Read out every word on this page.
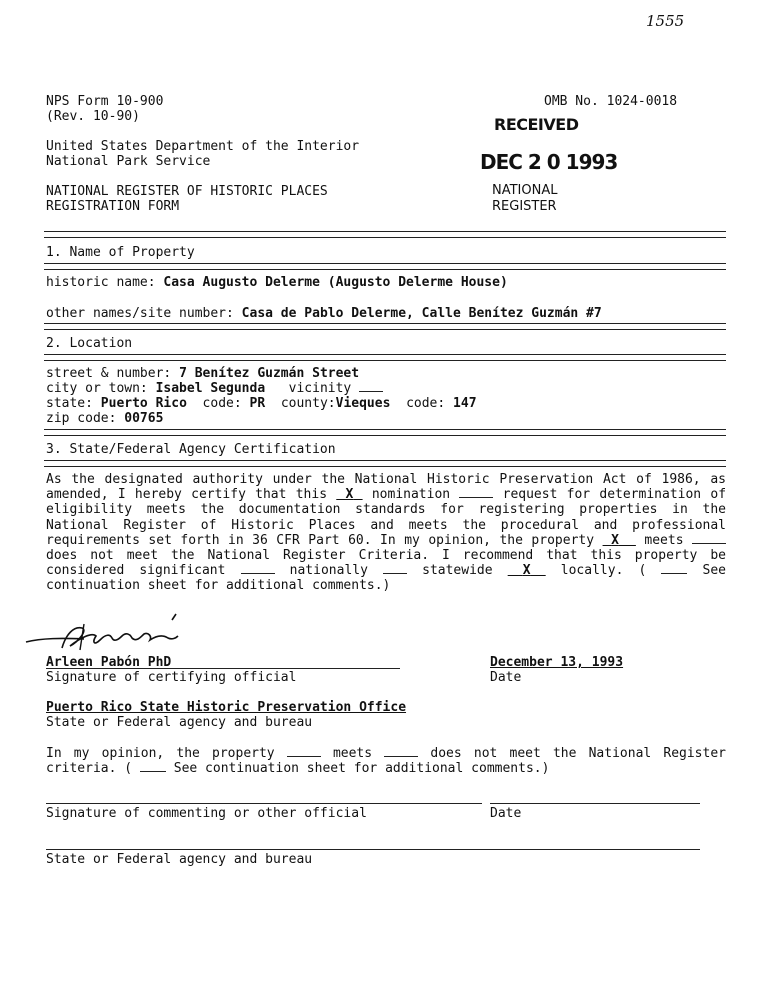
1555
NPS Form 10-900
(Rev. 10-90)
OMB No. 1024-0018
United States Department of the Interior
National Park Service
NATIONAL REGISTER OF HISTORIC PLACES
REGISTRATION FORM
RECEIVED
DEC 2 0 1993
NATIONAL
REGISTER
1. Name of Property
historic name: Casa Augusto Delerme (Augusto Delerme House)
other names/site number: Casa de Pablo Delerme, Calle Benítez Guzmán #7
2. Location
street & number: 7 Benítez Guzmán Street
city or town: Isabel Segunda vicinity
state: Puerto Rico code: PR county:Vieques code: 147
zip code: 00765
3. State/Federal Agency Certification
As the designated authority under the National Historic Preservation Act of 1986, as amended, I hereby certify that this X nomination	request for determination of eligibility meets the documentation standards for registering properties in the National Register of Historic Places and meets the procedural and professional requirements set forth in 36 CFR Part 60. In my opinion, the property X meets  does not meet the National Register Criteria. I recommend that this property be considered significant	nationally	statewide X locally. (	See continuation sheet for additional comments.)
Arleen Pabón PhD	December 13, 1993
Signature of certifying official	Date
Puerto Rico State Historic Preservation Office
State or Federal agency and bureau
In my opinion, the property	meets	does not meet the National Register criteria. (	See continuation sheet for additional comments.)
Signature of commenting or other official	Date
State or Federal agency and bureau
